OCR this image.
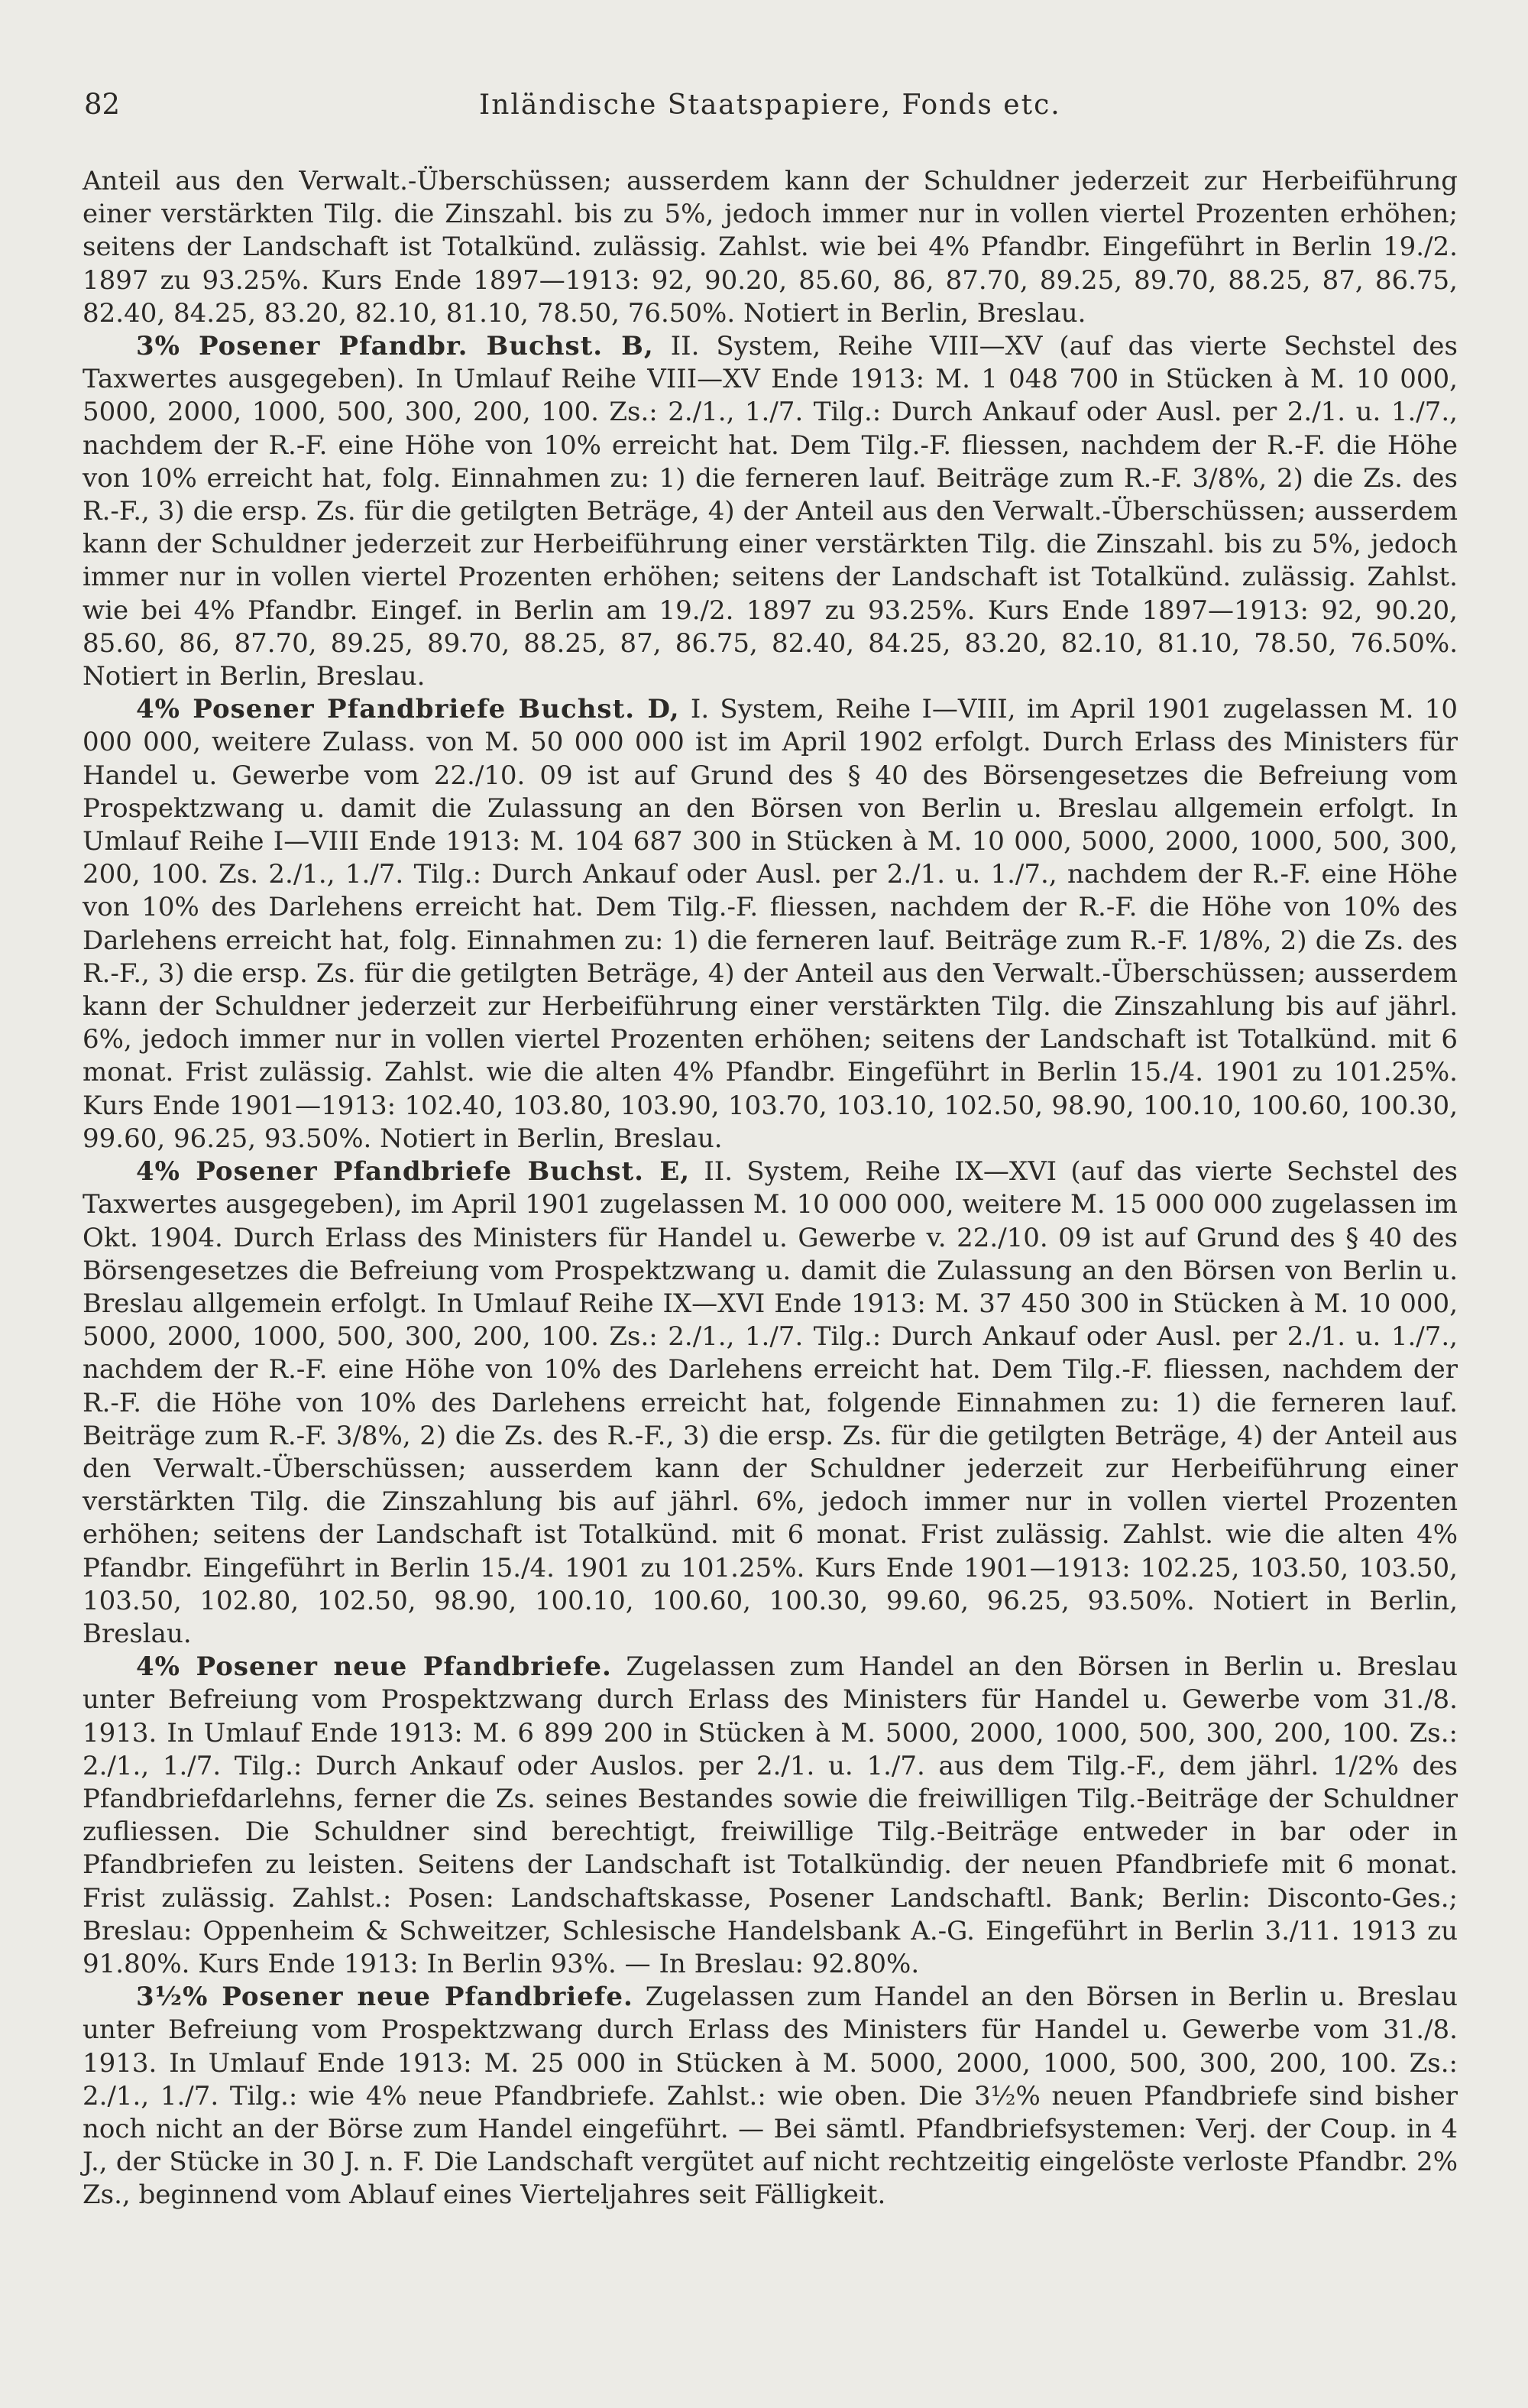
82	Inländische Staatspapiere, Fonds etc.

Anteil aus den Verwalt.-Überschüssen; ausserdem kann der Schuldner jederzeit zur Herbeiführung einer verstärkten Tilg. die Zinszahl. bis zu 5%, jedoch immer nur in vollen viertel Prozenten erhöhen; seitens der Landschaft ist Totalkünd. zulässig. Zahlst. wie bei 4% Pfandbr. Eingeführt in Berlin 19./2. 1897 zu 93.25%. Kurs Ende 1897—1913: 92, 90.20, 85.60, 86, 87.70, 89.25, 89.70, 88.25, 87, 86.75, 82.40, 84.25, 83.20, 82.10, 81.10, 78.50, 76.50%. Notiert in Berlin, Breslau.

3% Posener Pfandbr. Buchst. B, II. System, Reihe VIII—XV (auf das vierte Sechstel des Taxwertes ausgegeben). In Umlauf Reihe VIII—XV Ende 1913: M. 1 048 700 in Stücken à M. 10 000, 5000, 2000, 1000, 500, 300, 200, 100. Zs.: 2./1., 1./7. Tilg.: Durch Ankauf oder Ausl. per 2./1. u. 1./7., nachdem der R.-F. eine Höhe von 10% erreicht hat. Dem Tilg.-F. fliessen, nachdem der R.-F. die Höhe von 10% erreicht hat, folg. Einnahmen zu: 1) die ferneren lauf. Beiträge zum R.-F. 3/8%, 2) die Zs. des R.-F., 3) die ersp. Zs. für die getilgten Beträge, 4) der Anteil aus den Verwalt.-Überschüssen; ausserdem kann der Schuldner jederzeit zur Herbeiführung einer verstärkten Tilg. die Zinszahl. bis zu 5%, jedoch immer nur in vollen viertel Prozenten erhöhen; seitens der Landschaft ist Totalkünd. zulässig. Zahlst. wie bei 4% Pfandbr. Eingef. in Berlin am 19./2. 1897 zu 93.25%. Kurs Ende 1897—1913: 92, 90.20, 85.60, 86, 87.70, 89.25, 89.70, 88.25, 87, 86.75, 82.40, 84.25, 83.20, 82.10, 81.10, 78.50, 76.50%. Notiert in Berlin, Breslau.

4% Posener Pfandbriefe Buchst. D, I. System, Reihe I—VIII, im April 1901 zugelassen M. 10 000 000, weitere Zulass. von M. 50 000 000 ist im April 1902 erfolgt. Durch Erlass des Ministers für Handel u. Gewerbe vom 22./10. 09 ist auf Grund des § 40 des Börsengesetzes die Befreiung vom Prospektzwang u. damit die Zulassung an den Börsen von Berlin u. Breslau allgemein erfolgt. In Umlauf Reihe I—VIII Ende 1913: M. 104 687 300 in Stücken à M. 10 000, 5000, 2000, 1000, 500, 300, 200, 100. Zs. 2./1., 1./7. Tilg.: Durch Ankauf oder Ausl. per 2./1. u. 1./7., nachdem der R.-F. eine Höhe von 10% des Darlehens erreicht hat. Dem Tilg.-F. fliessen, nachdem der R.-F. die Höhe von 10% des Darlehens erreicht hat, folg. Einnahmen zu: 1) die ferneren lauf. Beiträge zum R.-F. 1/8%, 2) die Zs. des R.-F., 3) die ersp. Zs. für die getilgten Beträge, 4) der Anteil aus den Verwalt.-Überschüssen; ausserdem kann der Schuldner jederzeit zur Herbeiführung einer verstärkten Tilg. die Zinszahlung bis auf jährl. 6%, jedoch immer nur in vollen viertel Prozenten erhöhen; seitens der Landschaft ist Totalkünd. mit 6 monat. Frist zulässig. Zahlst. wie die alten 4% Pfandbr. Eingeführt in Berlin 15./4. 1901 zu 101.25%. Kurs Ende 1901—1913: 102.40, 103.80, 103.90, 103.70, 103.10, 102.50, 98.90, 100.10, 100.60, 100.30, 99.60, 96.25, 93.50%. Notiert in Berlin, Breslau.

4% Posener Pfandbriefe Buchst. E, II. System, Reihe IX—XVI (auf das vierte Sechstel des Taxwertes ausgegeben), im April 1901 zugelassen M. 10 000 000, weitere M. 15 000 000 zugelassen im Okt. 1904. Durch Erlass des Ministers für Handel u. Gewerbe v. 22./10. 09 ist auf Grund des § 40 des Börsengesetzes die Befreiung vom Prospektzwang u. damit die Zulassung an den Börsen von Berlin u. Breslau allgemein erfolgt. In Umlauf Reihe IX—XVI Ende 1913: M. 37 450 300 in Stücken à M. 10 000, 5000, 2000, 1000, 500, 300, 200, 100. Zs.: 2./1., 1./7. Tilg.: Durch Ankauf oder Ausl. per 2./1. u. 1./7., nachdem der R.-F. eine Höhe von 10% des Darlehens erreicht hat. Dem Tilg.-F. fliessen, nachdem der R.-F. die Höhe von 10% des Darlehens erreicht hat, folgende Einnahmen zu: 1) die ferneren lauf. Beiträge zum R.-F. 3/8%, 2) die Zs. des R.-F., 3) die ersp. Zs. für die getilgten Beträge, 4) der Anteil aus den Verwalt.-Überschüssen; ausserdem kann der Schuldner jederzeit zur Herbeiführung einer verstärkten Tilg. die Zinszahlung bis auf jährl. 6%, jedoch immer nur in vollen viertel Prozenten erhöhen; seitens der Landschaft ist Totalkünd. mit 6 monat. Frist zulässig. Zahlst. wie die alten 4% Pfandbr. Eingeführt in Berlin 15./4. 1901 zu 101.25%. Kurs Ende 1901—1913: 102.25, 103.50, 103.50, 103.50, 102.80, 102.50, 98.90, 100.10, 100.60, 100.30, 99.60, 96.25, 93.50%. Notiert in Berlin, Breslau.

4% Posener neue Pfandbriefe. Zugelassen zum Handel an den Börsen in Berlin u. Breslau unter Befreiung vom Prospektzwang durch Erlass des Ministers für Handel u. Gewerbe vom 31./8. 1913. In Umlauf Ende 1913: M. 6 899 200 in Stücken à M. 5000, 2000, 1000, 500, 300, 200, 100. Zs.: 2./1., 1./7. Tilg.: Durch Ankauf oder Auslos. per 2./1. u. 1./7. aus dem Tilg.-F., dem jährl. 1/2% des Pfandbriefdarlehns, ferner die Zs. seines Bestandes sowie die freiwilligen Tilg.-Beiträge der Schuldner zufliessen. Die Schuldner sind berechtigt, freiwillige Tilg.-Beiträge entweder in bar oder in Pfandbriefen zu leisten. Seitens der Landschaft ist Totalkündig. der neuen Pfandbriefe mit 6 monat. Frist zulässig. Zahlst.: Posen: Landschaftskasse, Posener Landschaftl. Bank; Berlin: Disconto-Ges.; Breslau: Oppenheim & Schweitzer, Schlesische Handelsbank A.-G. Eingeführt in Berlin 3./11. 1913 zu 91.80%. Kurs Ende 1913: In Berlin 93%. — In Breslau: 92.80%.

3½% Posener neue Pfandbriefe. Zugelassen zum Handel an den Börsen in Berlin u. Breslau unter Befreiung vom Prospektzwang durch Erlass des Ministers für Handel u. Gewerbe vom 31./8. 1913. In Umlauf Ende 1913: M. 25 000 in Stücken à M. 5000, 2000, 1000, 500, 300, 200, 100. Zs.: 2./1., 1./7. Tilg.: wie 4% neue Pfandbriefe. Zahlst.: wie oben. Die 3½% neuen Pfandbriefe sind bisher noch nicht an der Börse zum Handel eingeführt. — Bei sämtl. Pfandbriefsystemen: Verj. der Coup. in 4 J., der Stücke in 30 J. n. F. Die Landschaft vergütet auf nicht rechtzeitig eingelöste verloste Pfandbr. 2% Zs., beginnend vom Ablauf eines Vierteljahres seit Fälligkeit.
